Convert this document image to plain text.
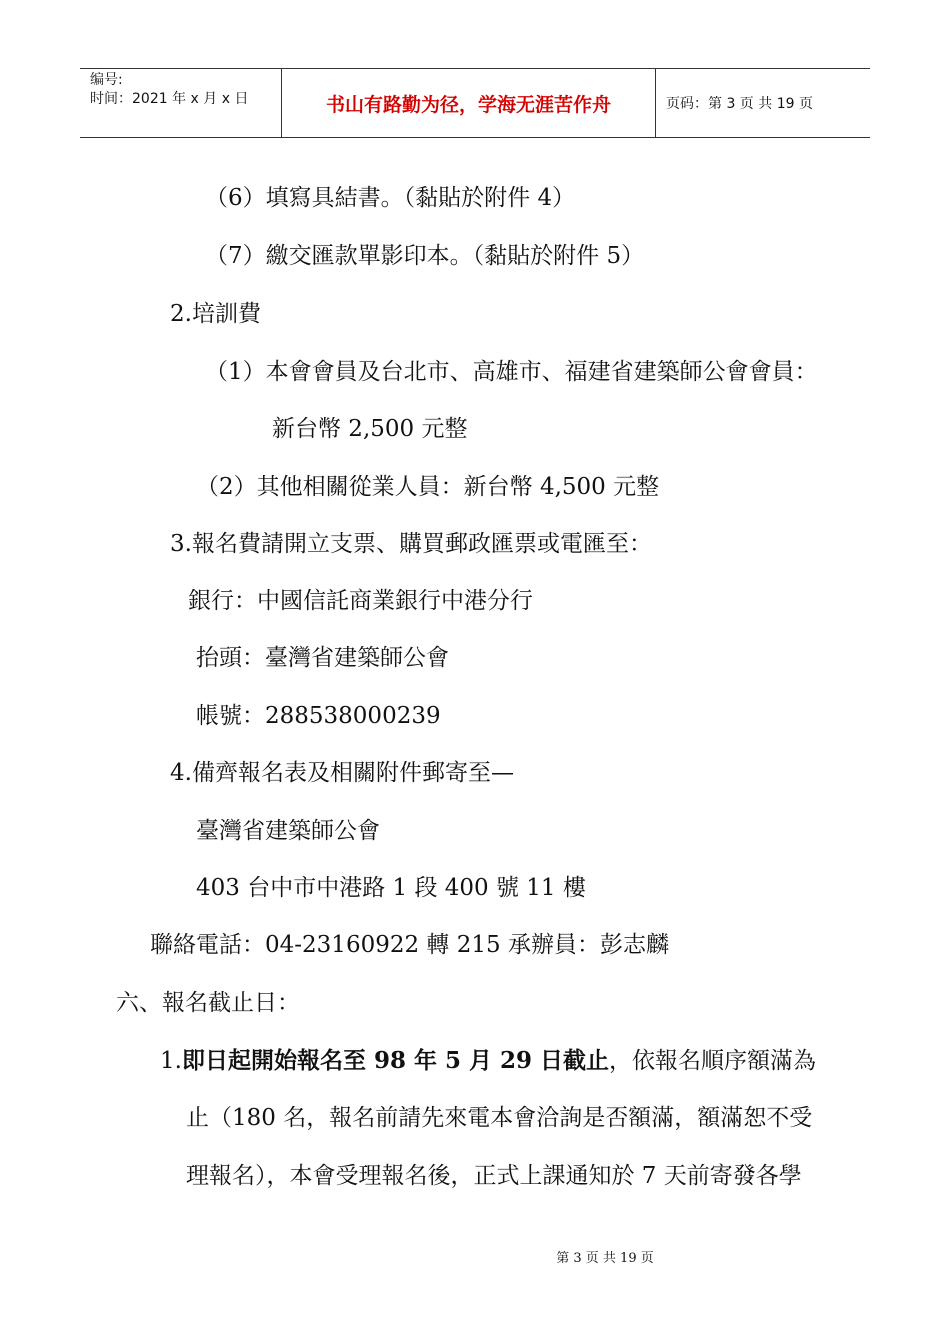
编号:
时间：2021 年 x 月 x 日	书山有路勤为径，学海无涯苦作舟	页码：第 3 页 共 19 页
（6）填寫具結書。（黏貼於附件 4）
（7）繳交匯款單影印本。（黏貼於附件 5）
2.培訓費
（1）本會會員及台北市、高雄市、福建省建築師公會會員：
新台幣 2,500 元整
（2）其他相關從業人員：新台幣 4,500 元整
3.報名費請開立支票、購買郵政匯票或電匯至：
銀行：中國信託商業銀行中港分行
抬頭：臺灣省建築師公會
帳號：288538000239
4.備齊報名表及相關附件郵寄至—
臺灣省建築師公會
403 台中市中港路 1 段 400 號 11 樓
聯絡電話：04-23160922 轉 215 承辦員：彭志麟
六、報名截止日：
1.即日起開始報名至 98 年 5 月 29 日截止，依報名順序額滿為
止（180 名，報名前請先來電本會洽詢是否額滿，額滿恕不受
理報名），本會受理報名後，正式上課通知於 7 天前寄發各學
第 3 页 共 19 页
